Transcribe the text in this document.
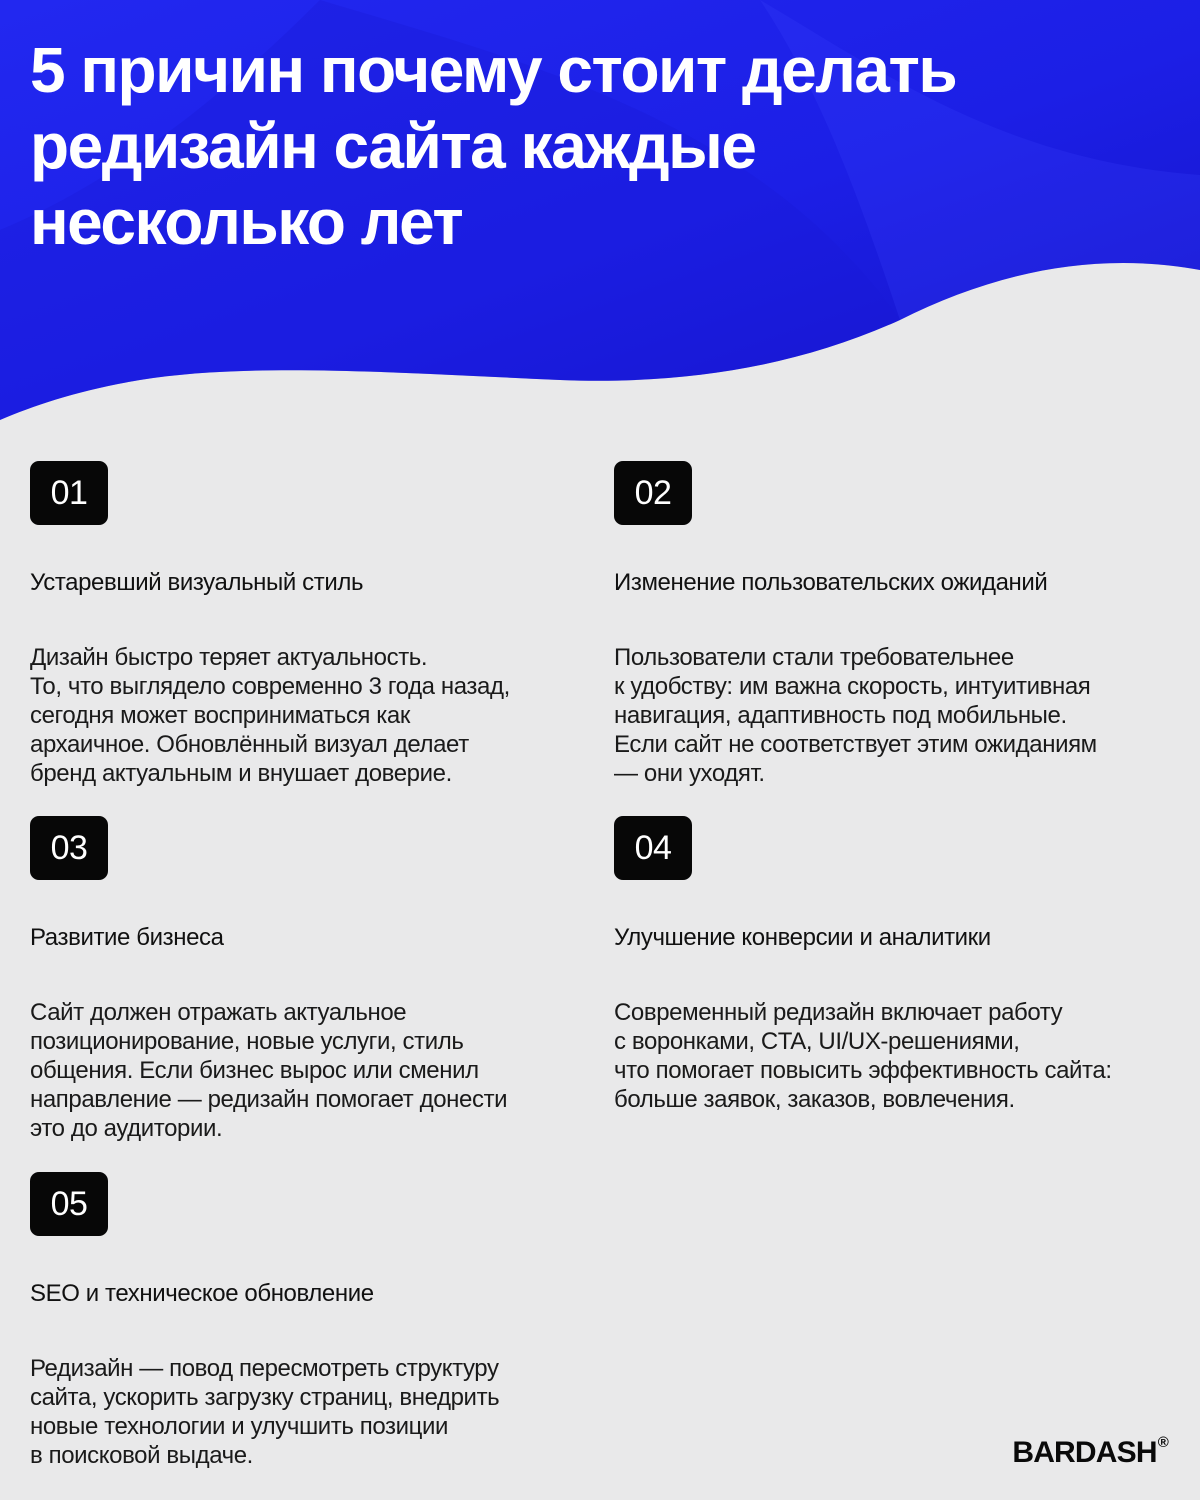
5 причин почему стоит делать
редизайн сайта каждые
несколько лет
01
Устаревший визуальный стиль
Дизайн быстро теряет актуальность.
То, что выглядело современно 3 года назад,
сегодня может восприниматься как
архаичное. Обновлённый визуал делает
бренд актуальным и внушает доверие.
02
Изменение пользовательских ожиданий
Пользователи стали требовательнее
к удобству: им важна скорость, интуитивная
навигация, адаптивность под мобильные.
Если сайт не соответствует этим ожиданиям
— они уходят.
03
Развитие бизнеса
Сайт должен отражать актуальное
позиционирование, новые услуги, стиль
общения. Если бизнес вырос или сменил
направление — редизайн помогает донести
это до аудитории.
04
Улучшение конверсии и аналитики
Современный редизайн включает работу
с воронками, CTA, UI/UX-решениями,
что помогает повысить эффективность сайта:
больше заявок, заказов, вовлечения.
05
SEO и техническое обновление
Редизайн — повод пересмотреть структуру
сайта, ускорить загрузку страниц, внедрить
новые технологии и улучшить позиции
в поисковой выдаче.	BARDASH®
